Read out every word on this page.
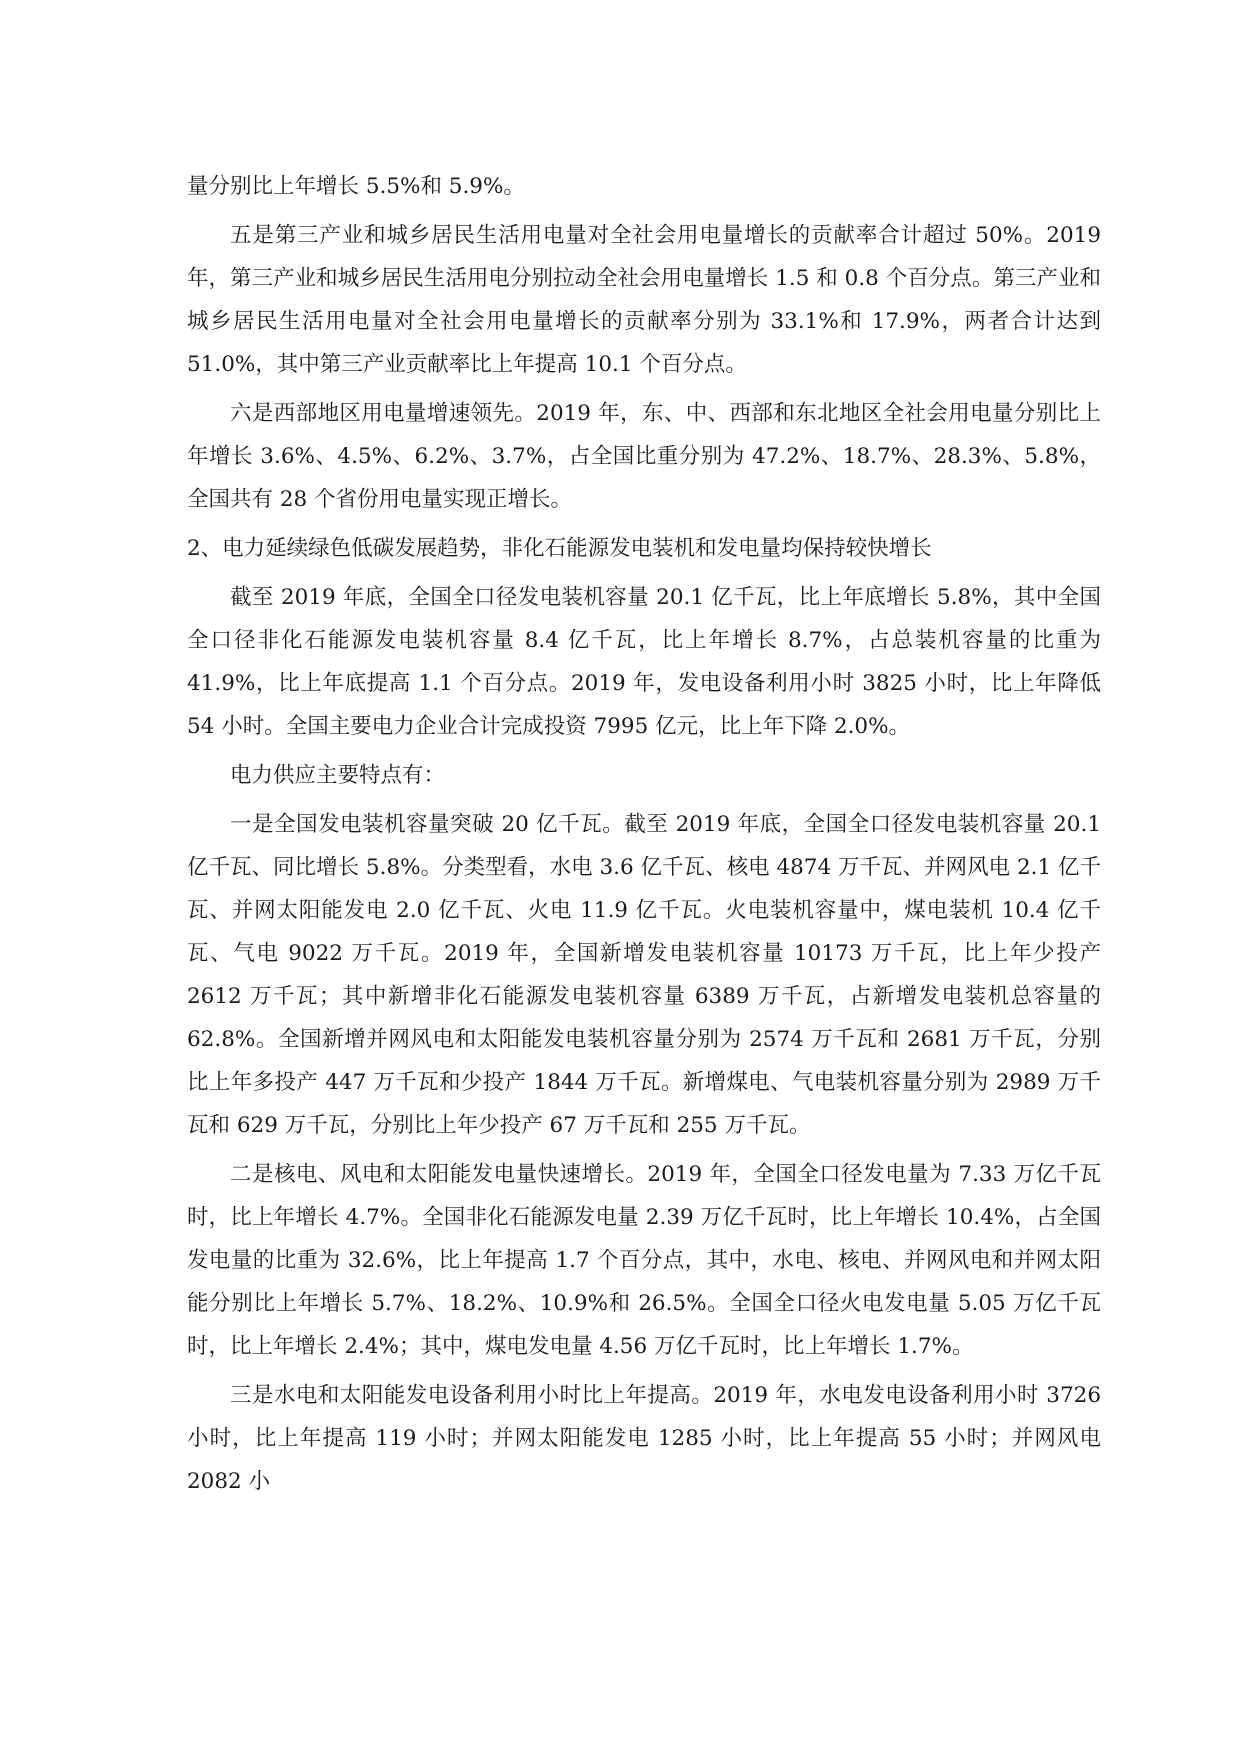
量分别比上年增长 5.5%和 5.9%。

五是第三产业和城乡居民生活用电量对全社会用电量增长的贡献率合计超过 50%。2019 年，第三产业和城乡居民生活用电分别拉动全社会用电量增长 1.5 和 0.8 个百分点。第三产业和城乡居民生活用电量对全社会用电量增长的贡献率分别为 33.1%和 17.9%，两者合计达到 51.0%，其中第三产业贡献率比上年提高 10.1 个百分点。

六是西部地区用电量增速领先。2019 年，东、中、西部和东北地区全社会用电量分别比上年增长 3.6%、4.5%、6.2%、3.7%，占全国比重分别为 47.2%、18.7%、28.3%、5.8%，全国共有 28 个省份用电量实现正增长。

2、电力延续绿色低碳发展趋势，非化石能源发电装机和发电量均保持较快增长

截至 2019 年底，全国全口径发电装机容量 20.1 亿千瓦，比上年底增长 5.8%，其中全国全口径非化石能源发电装机容量 8.4 亿千瓦，比上年增长 8.7%，占总装机容量的比重为 41.9%，比上年底提高 1.1 个百分点。2019 年，发电设备利用小时 3825 小时，比上年降低 54 小时。全国主要电力企业合计完成投资 7995 亿元，比上年下降 2.0%。

电力供应主要特点有：

一是全国发电装机容量突破 20 亿千瓦。截至 2019 年底，全国全口径发电装机容量 20.1 亿千瓦、同比增长 5.8%。分类型看，水电 3.6 亿千瓦、核电 4874 万千瓦、并网风电 2.1 亿千瓦、并网太阳能发电 2.0 亿千瓦、火电 11.9 亿千瓦。火电装机容量中，煤电装机 10.4 亿千瓦、气电 9022 万千瓦。2019 年，全国新增发电装机容量 10173 万千瓦，比上年少投产 2612 万千瓦；其中新增非化石能源发电装机容量 6389 万千瓦，占新增发电装机总容量的 62.8%。全国新增并网风电和太阳能发电装机容量分别为 2574 万千瓦和 2681 万千瓦，分别比上年多投产 447 万千瓦和少投产 1844 万千瓦。新增煤电、气电装机容量分别为 2989 万千瓦和 629 万千瓦，分别比上年少投产 67 万千瓦和 255 万千瓦。

二是核电、风电和太阳能发电量快速增长。2019 年，全国全口径发电量为 7.33 万亿千瓦时，比上年增长 4.7%。全国非化石能源发电量 2.39 万亿千瓦时，比上年增长 10.4%，占全国发电量的比重为 32.6%，比上年提高 1.7 个百分点，其中，水电、核电、并网风电和并网太阳能分别比上年增长 5.7%、18.2%、10.9%和 26.5%。全国全口径火电发电量 5.05 万亿千瓦时，比上年增长 2.4%；其中，煤电发电量 4.56 万亿千瓦时，比上年增长 1.7%。

三是水电和太阳能发电设备利用小时比上年提高。2019 年，水电发电设备利用小时 3726 小时，比上年提高 119 小时；并网太阳能发电 1285 小时，比上年提高 55 小时；并网风电 2082 小
